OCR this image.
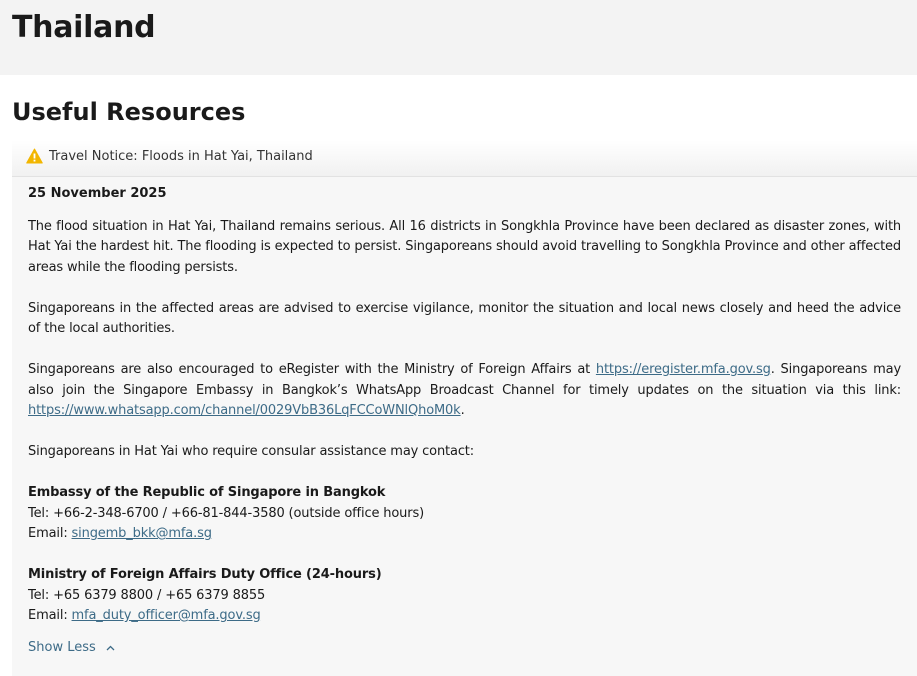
Thailand
Useful Resources
Travel Notice: Floods in Hat Yai, Thailand

25 November 2025

The flood situation in Hat Yai, Thailand remains serious. All 16 districts in Songkhla Province have been declared as disaster zones, with Hat Yai the hardest hit. The flooding is expected to persist. Singaporeans should avoid travelling to Songkhla Province and other affected areas while the flooding persists.

Singaporeans in the affected areas are advised to exercise vigilance, monitor the situation and local news closely and heed the advice of the local authorities.

Singaporeans are also encouraged to eRegister with the Ministry of Foreign Affairs at https://eregister.mfa.gov.sg. Singaporeans may also join the Singapore Embassy in Bangkok’s WhatsApp Broadcast Channel for timely updates on the situation via this link: https://www.whatsapp.com/channel/0029VbB36LqFCCoWNlQhoM0k.

Singaporeans in Hat Yai who require consular assistance may contact:

Embassy of the Republic of Singapore in Bangkok
Tel: +66-2-348-6700 / +66-81-844-3580 (outside office hours)
Email: singemb_bkk@mfa.sg
Ministry of Foreign Affairs Duty Office (24-hours)
Tel: +65 6379 8800 / +65 6379 8855
Email: mfa_duty_officer@mfa.gov.sg
Show Less
